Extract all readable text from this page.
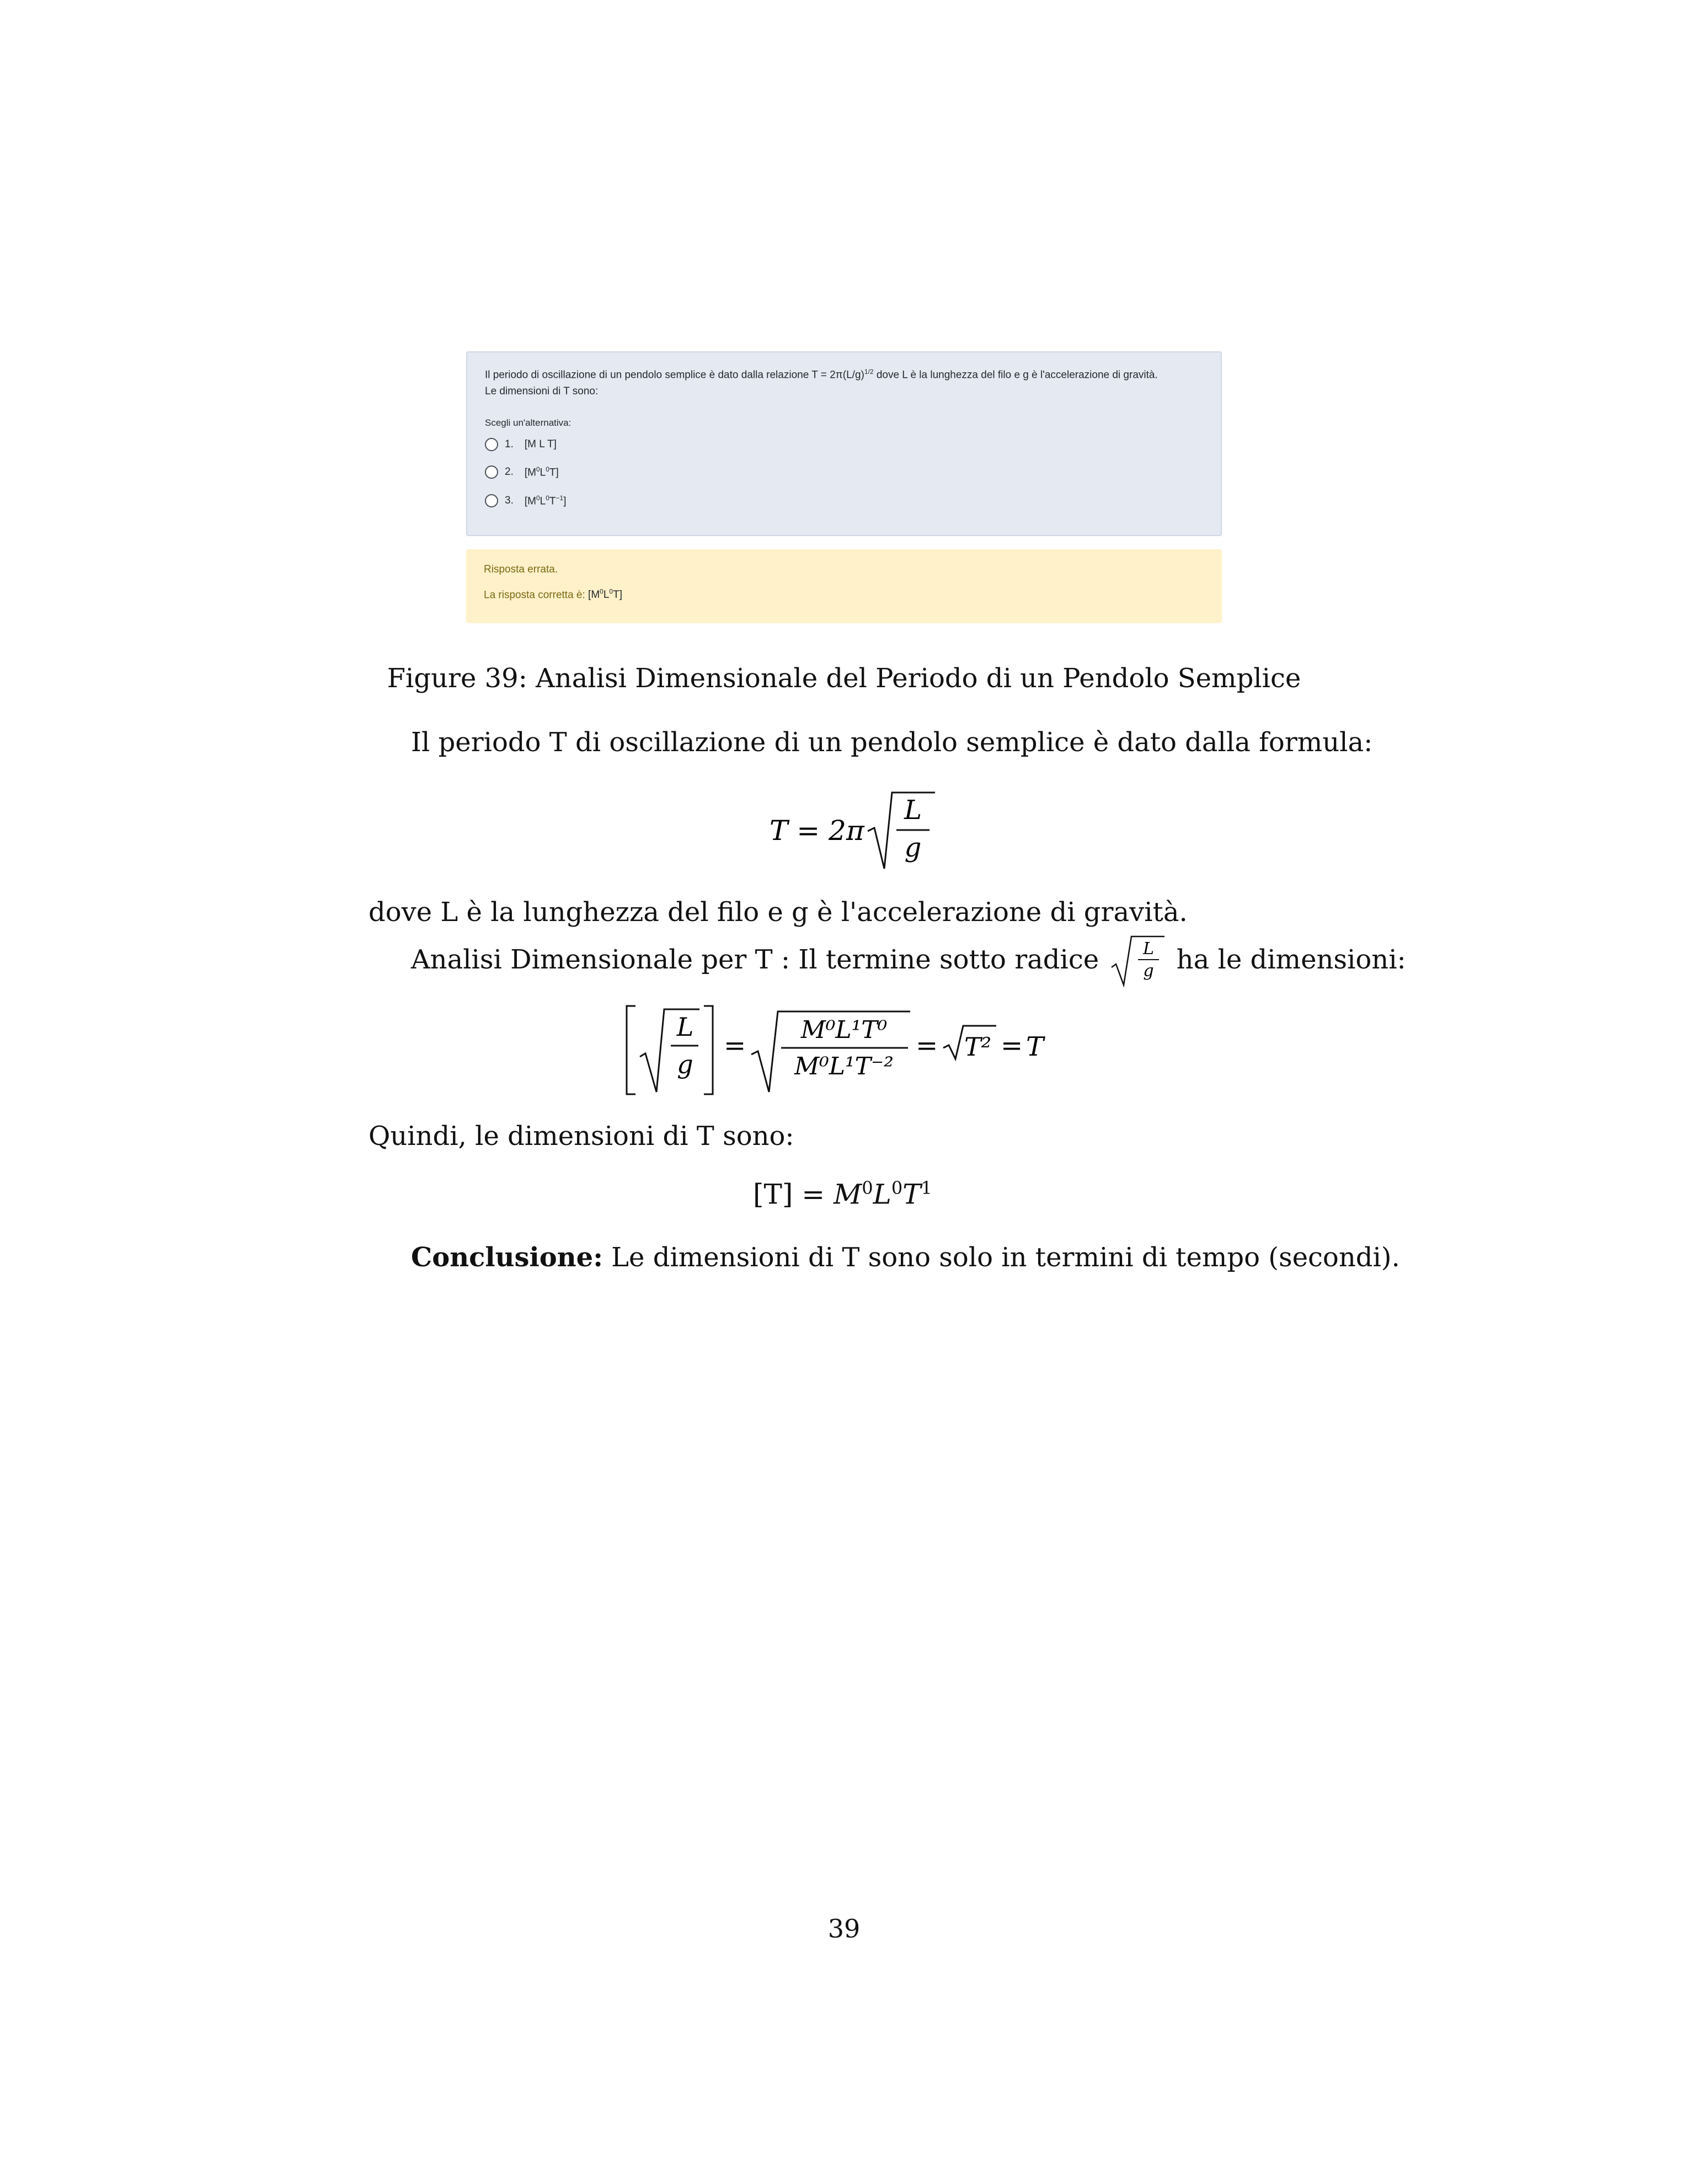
Il periodo di oscillazione di un pendolo semplice è dato dalla relazione $T = 2\pi(L/g)^{1/2}$ dove L è la lunghezza del filo e g è l'accelerazione di gravità.
Le dimensioni di T sono:
Scegli un'alternativa:
1. [M L T]
2. $[M^0L^0T]$
3. $[M^0L^0T^{-1}]$
Risposta errata.
La risposta corretta è: $[M^0L^0T]$
Figure 39: Analisi Dimensionale del Periodo di un Pendolo Semplice
Il periodo T di oscillazione di un pendolo semplice è dato dalla formula:
T = 2π
L
g
dove L è la lunghezza del filo e g è l'accelerazione di gravità.
Analisi Dimensionale per T : Il termine sotto radice	L
g ha le dimensioni:
L
g
=
M⁰L¹T⁰
M⁰L¹T⁻²
= T² = T
Quindi, le dimensioni di T sono:
$[T] = M^0L^0T^1$
Conclusione: Le dimensioni di T sono solo in termini di tempo (secondi).
39
